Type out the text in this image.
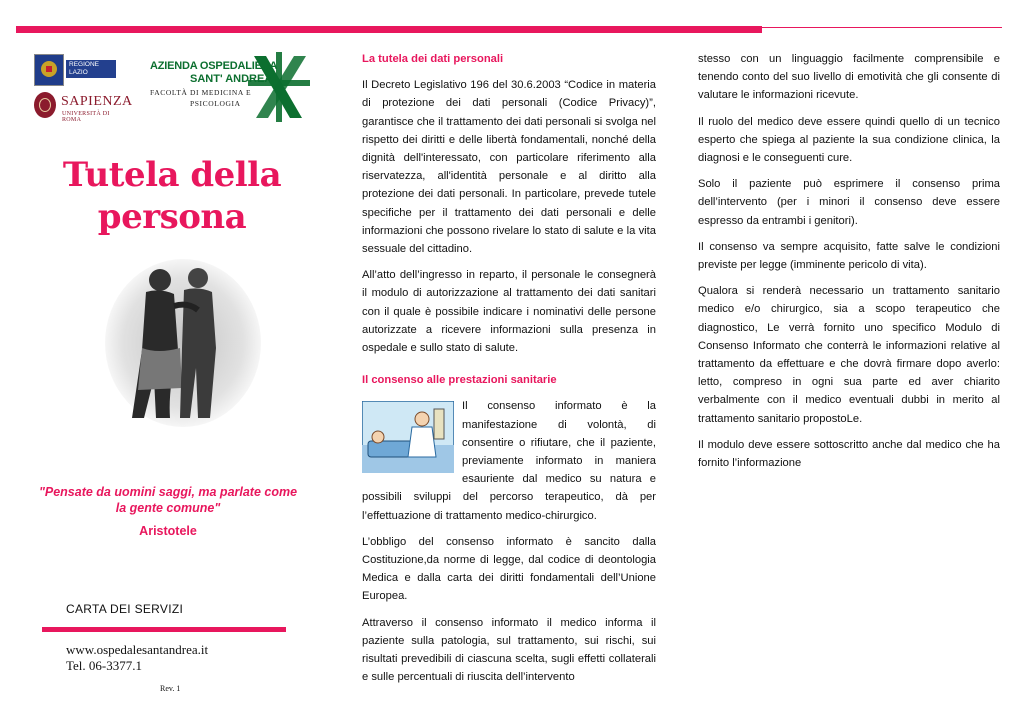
REGIONE LAZIO
SAPIENZA
UNIVERSITÀ DI ROMA
AZIENDA OSPEDALIERA
SANT' ANDREA
FACOLTÀ DI MEDICINA E
PSICOLOGIA
Tutela della
persona
"Pensate da uomini saggi, ma parlate come la gente comune"
Aristotele
CARTA DEI SERVIZI
www.ospedalesantandrea.it
Tel. 06-3377.1
Rev. 1

La tutela dei dati personali

Il Decreto Legislativo 196 del 30.6.2003 “Codice in materia di protezione dei dati personali (Codice Privacy)”, garantisce che il trattamento dei dati personali si svolga nel rispetto dei diritti e delle libertà fondamentali, nonché della dignità dell'interessato, con particolare riferimento alla riservatezza, all'identità personale e al diritto alla protezione dei dati personali. In particolare, prevede tutele specifiche per il trattamento dei dati personali e delle informazioni che possono rivelare lo stato di salute e la vita sessuale del cittadino.

All’atto dell’ingresso in reparto, il personale le consegnerà il modulo di autorizzazione al trattamento dei dati sanitari con il quale è possibile indicare i nominativi delle persone autorizzate a ricevere informazioni sulla presenza in ospedale e sullo stato di salute.

Il consenso alle prestazioni sanitarie

Il consenso informato è la manifestazione di volontà, di consentire o rifiutare, che il paziente, previamente informato in maniera esauriente dal medico su natura e possibili sviluppi del percorso terapeutico, dà per l’effettuazione di trattamento medico-chirurgico.

L’obbligo del consenso informato è sancito dalla Costituzione,da norme di legge, dal codice di deontologia Medica e dalla carta dei diritti fondamentali dell’Unione Europea.

Attraverso il consenso informato il medico informa il paziente sulla patologia, sul trattamento, sui rischi, sui risultati prevedibili di ciascuna scelta, sugli effetti collaterali e sulle percentuali di riuscita dell’intervento

stesso con un linguaggio facilmente comprensibile e tenendo conto del suo livello di emotività che gli consente di valutare le informazioni ricevute.

Il ruolo del medico deve essere quindi quello di un tecnico esperto che spiega al paziente la sua condizione clinica, la diagnosi e le conseguenti cure.

Solo il paziente può esprimere il consenso prima dell’intervento (per i minori il consenso deve essere espresso da entrambi i genitori).

Il consenso va sempre acquisito, fatte salve le condizioni previste per legge (imminente pericolo di vita).

Qualora si renderà necessario un trattamento sanitario medico e/o chirurgico, sia a scopo terapeutico che diagnostico, Le verrà fornito uno specifico Modulo di Consenso Informato che conterrà le informazioni relative al trattamento da effettuare e che dovrà firmare dopo averlo: letto, compreso in ogni sua parte ed aver chiarito verbalmente con il medico eventuali dubbi in merito al trattamento sanitario propostoLe.

Il modulo deve essere sottoscritto anche dal medico che ha fornito l’informazione
